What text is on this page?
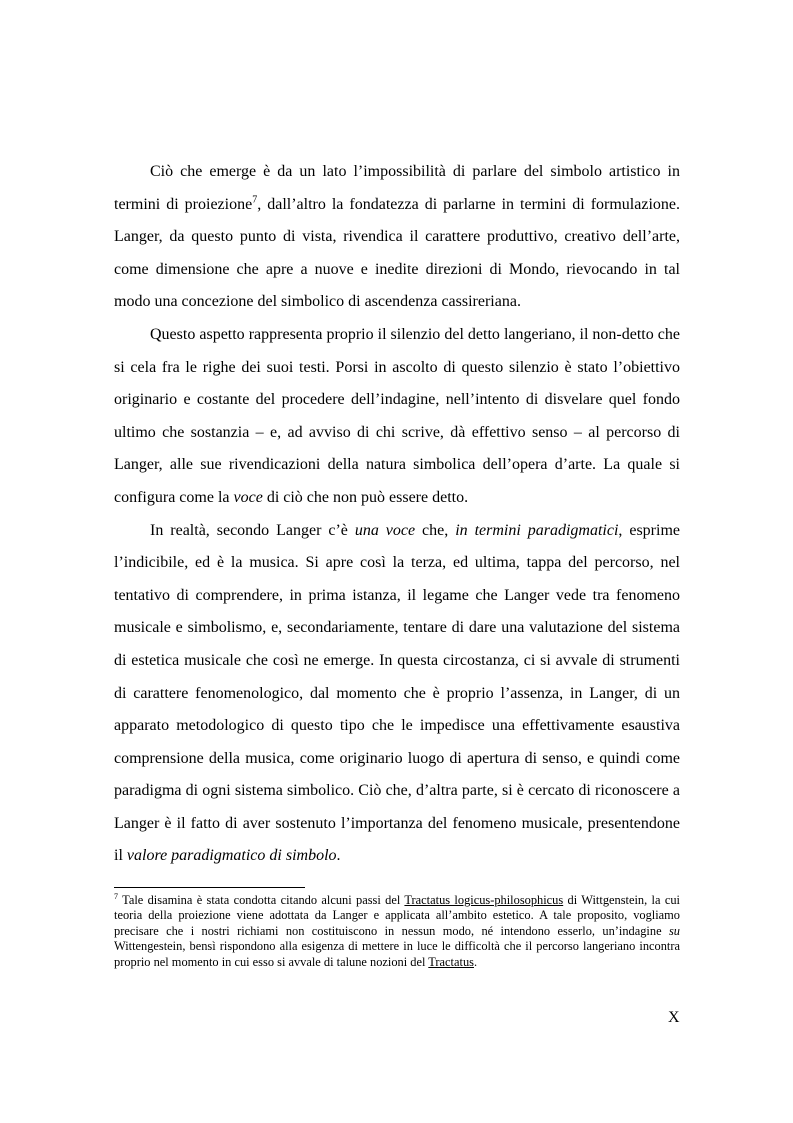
Ciò che emerge è da un lato l’impossibilità di parlare del simbolo artistico in termini di proiezione$^7$, dall’altro la fondatezza di parlarne in termini di formulazione. Langer, da questo punto di vista, rivendica il carattere produttivo, creativo dell’arte, come dimensione che apre a nuove e inedite direzioni di Mondo, rievocando in tal modo una concezione del simbolico di ascendenza cassireriana.

Questo aspetto rappresenta proprio il silenzio del detto langeriano, il non-detto che si cela fra le righe dei suoi testi. Porsi in ascolto di questo silenzio è stato l’obiettivo originario e costante del procedere dell’indagine, nell’intento di disvelare quel fondo ultimo che sostanzia – e, ad avviso di chi scrive, dà effettivo senso – al percorso di Langer, alle sue rivendicazioni della natura simbolica dell’opera d’arte. La quale si configura come la voce di ciò che non può essere detto.

In realtà, secondo Langer c’è una voce che, in termini paradigmatici, esprime l’indicibile, ed è la musica. Si apre così la terza, ed ultima, tappa del percorso, nel tentativo di comprendere, in prima istanza, il legame che Langer vede tra fenomeno musicale e simbolismo, e, secondariamente, tentare di dare una valutazione del sistema di estetica musicale che così ne emerge. In questa circostanza, ci si avvale di strumenti di carattere fenomenologico, dal momento che è proprio l’assenza, in Langer, di un apparato metodologico di questo tipo che le impedisce una effettivamente esaustiva comprensione della musica, come originario luogo di apertura di senso, e quindi come paradigma di ogni sistema simbolico. Ciò che, d’altra parte, si è cercato di riconoscere a Langer è il fatto di aver sostenuto l’importanza del fenomeno musicale, presentendone il valore paradigmatico di simbolo.

$^7$ Tale disamina è stata condotta citando alcuni passi del Tractatus logicus-philosophicus di Wittgenstein, la cui teoria della proiezione viene adottata da Langer e applicata all’ambito estetico. A tale proposito, vogliamo precisare che i nostri richiami non costituiscono in nessun modo, né intendono esserlo, un’indagine su Wittengestein, bensì rispondono alla esigenza di mettere in luce le difficoltà che il percorso langeriano incontra proprio nel momento in cui esso si avvale di talune nozioni del Tractatus.
X
